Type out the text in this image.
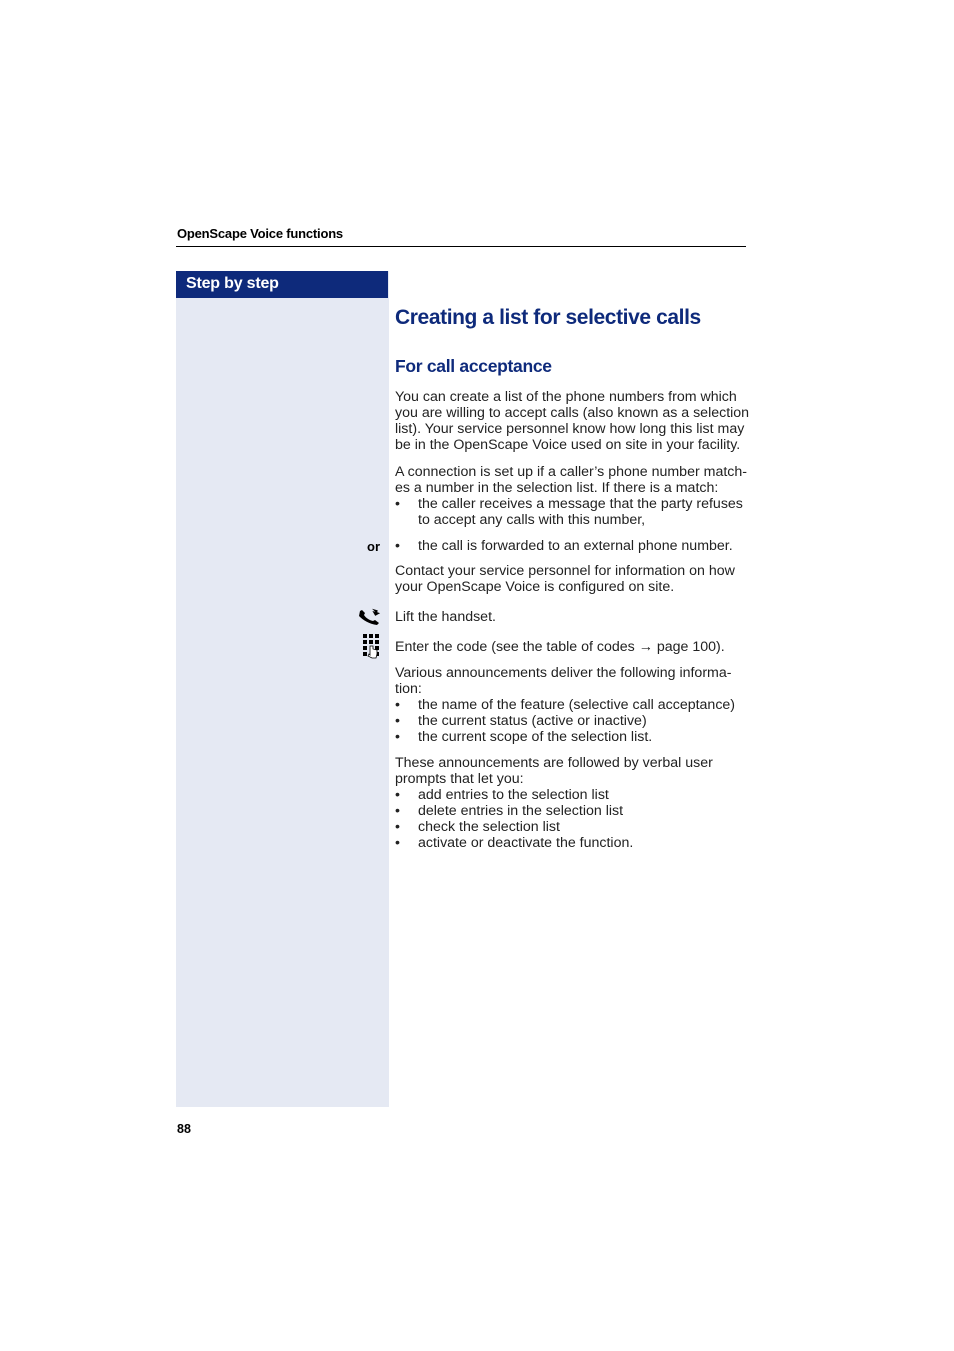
OpenScape Voice functions
Step by step
Creating a list for selective calls
For call acceptance

You can create a list of the phone numbers from which

you are willing to accept calls (also known as a selection

list). Your service personnel know how long this list may

be in the OpenScape Voice used on site in your facility.

A connection is set up if a caller’s phone number match-

es a number in the selection list. If there is a match:

• the caller receives a message that the party refuses
to accept any calls with this number,
or
•	the call is forwarded to an external phone number.

Contact your service personnel for information on how

your OpenScape Voice is configured on site.

Lift the handset.

Enter the code (see the table of codes → page 100).

Various announcements deliver the following informa-

tion:

• the name of the feature (selective call acceptance)
• the current status (active or inactive)
• the current scope of the selection list.

These announcements are followed by verbal user

prompts that let you:

• add entries to the selection list
• delete entries in the selection list
• check the selection list
• activate or deactivate the function.
88
